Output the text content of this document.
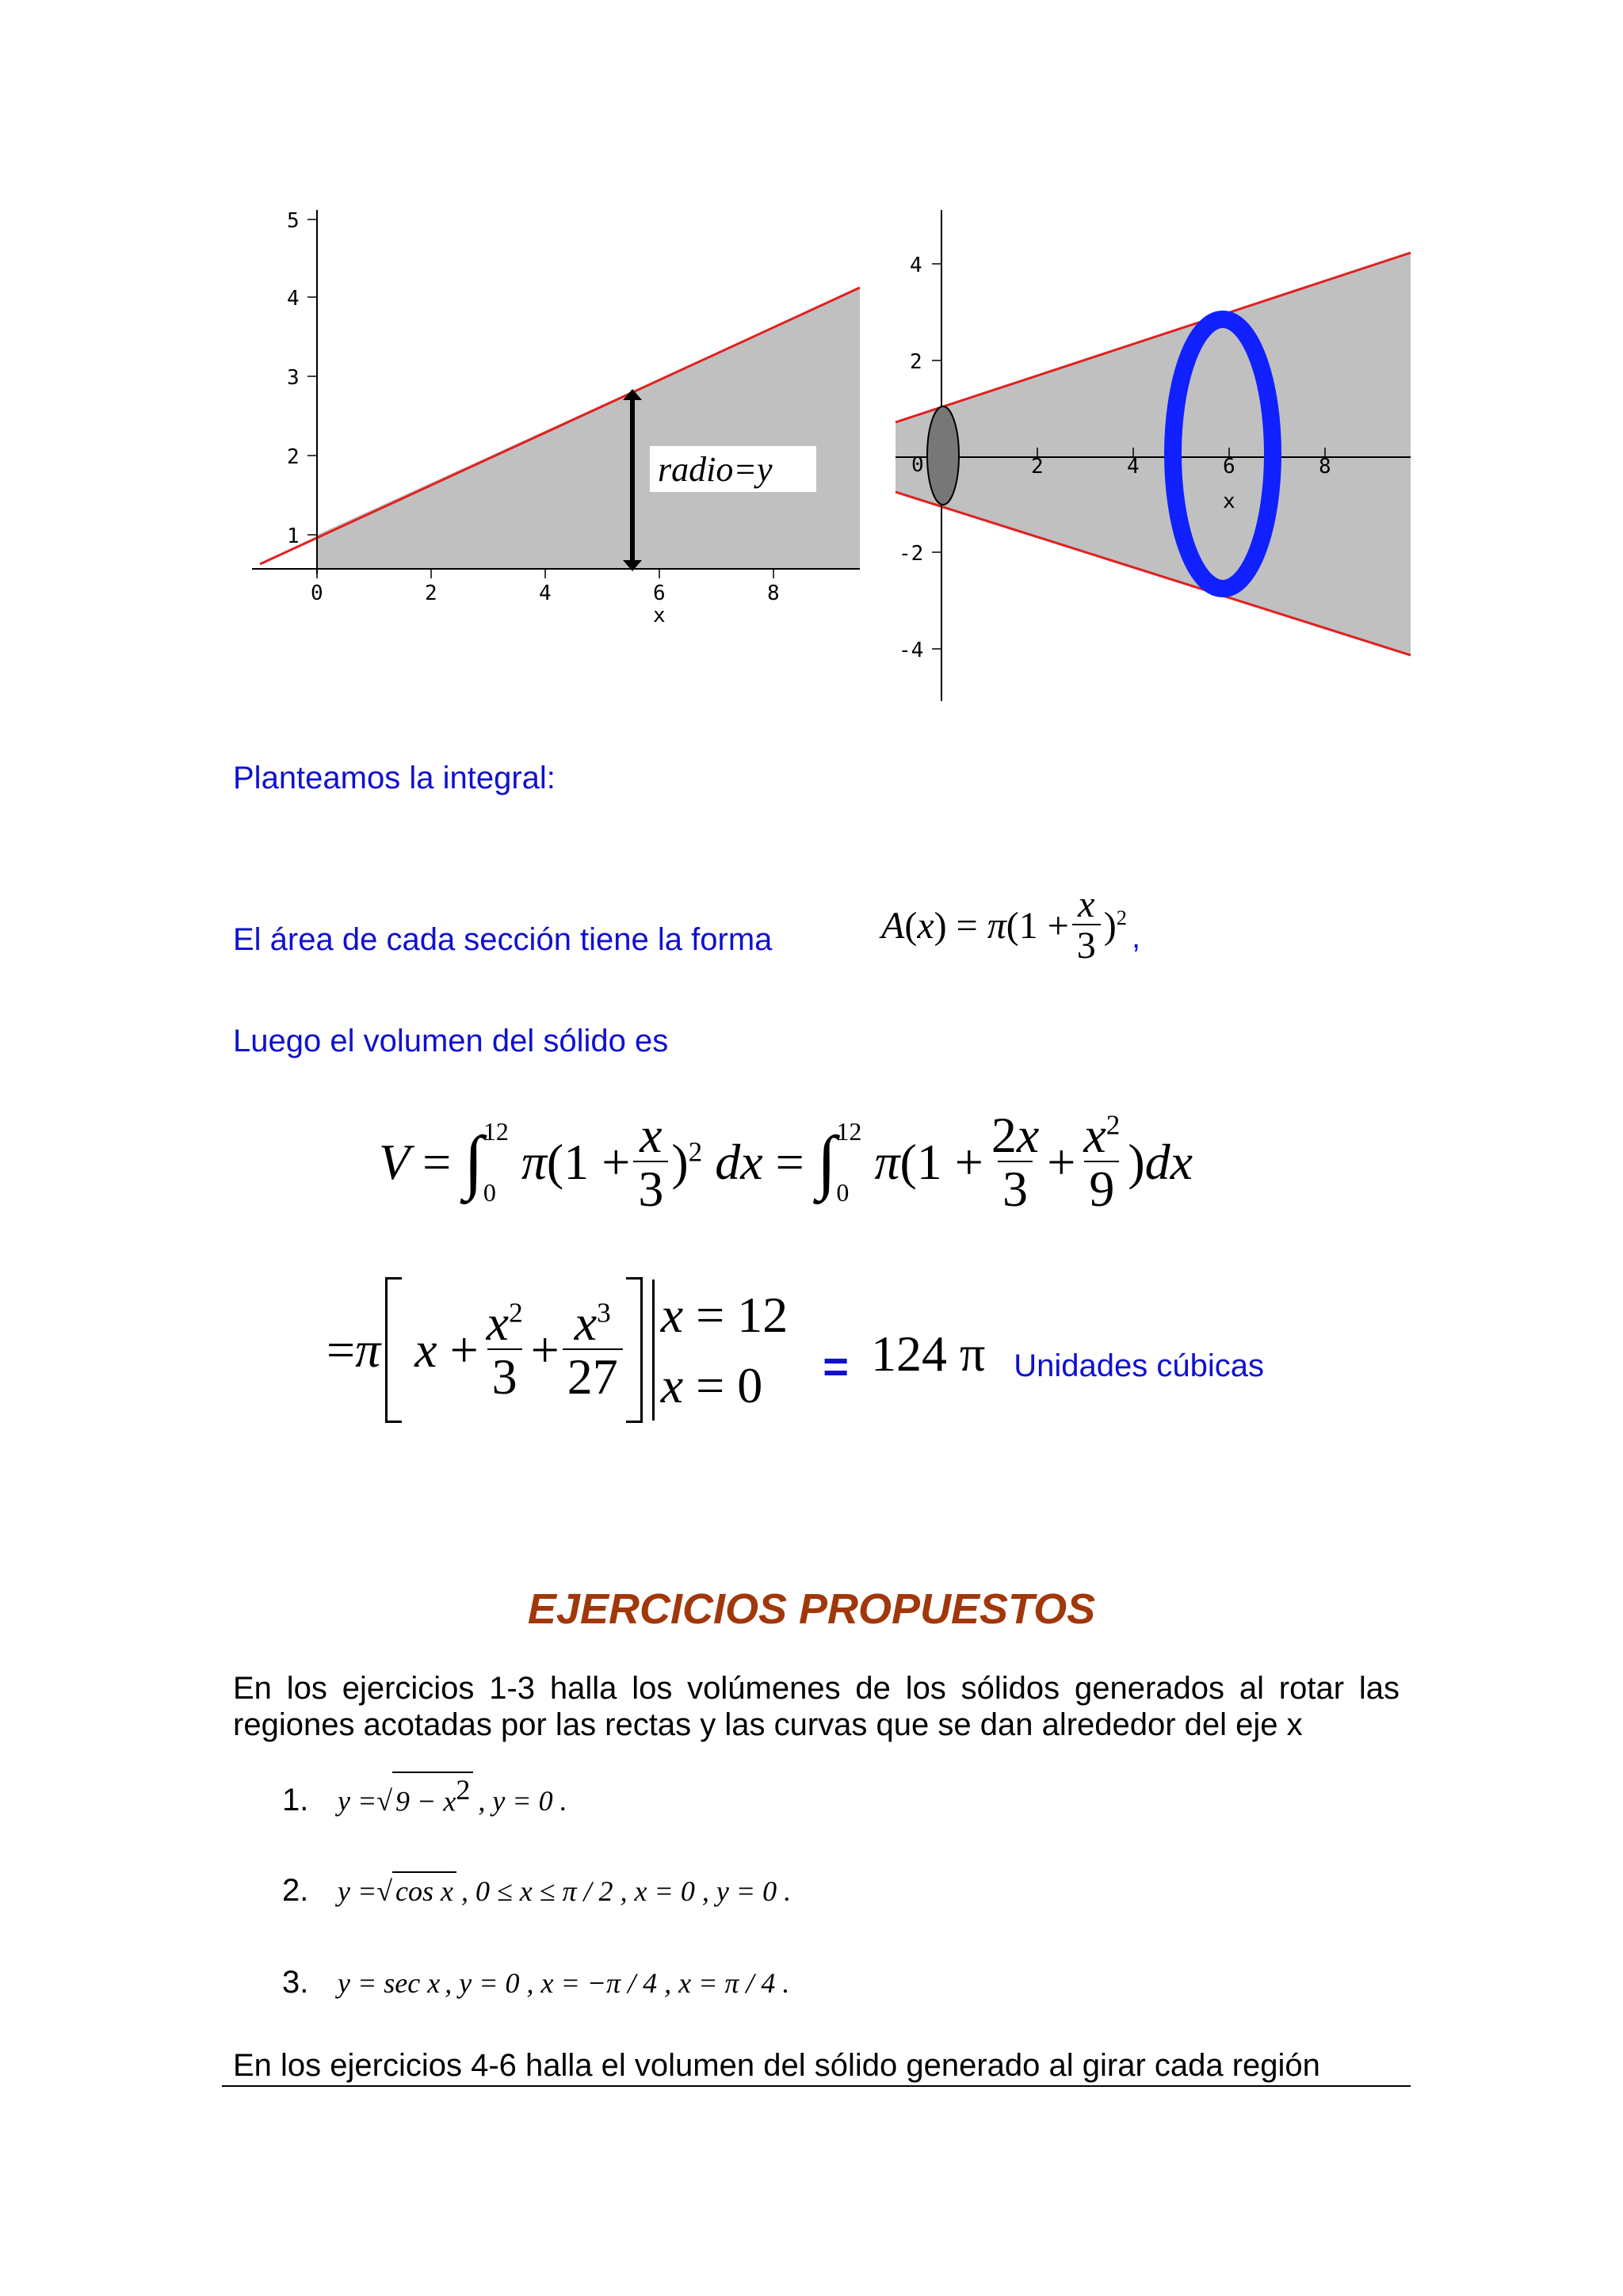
1
2
3
4
5
0	2	4	6	8
x
radio=y
4
2
-2
-4
0	2	4	6	8
x
Planteamos la integral:
El área de cada sección tiene la forma	A ( x ) = π $(1 + \frac{x}{3} )^2$
,
Luego el volumen del sólido es
V = ∫ 12
0
π $(1 + \frac{x}{3} )^2$ dx = ∫ 12
0
π ($1 + \frac{2x}{3} + \frac{x^2}{9}$ ) dx
= π $x + \frac{x^2}{3} + \frac{x^3}{27}$ x = 12
x = 0	= 124 π Unidades cúbicas
EJERCICIOS PROPUESTOS
En los ejercicios 1-3 halla los volúmenes de los sólidos generados al rotar las regiones acotadas por las rectas y las curvas que se dan alrededor del eje x
1.	y = √ $9 - x^2$ , y = 0 .
2.	y = √ cos x , 0 ≤ x ≤ π / 2 , x = 0 , y = 0 .
3.	y = sec x , y = 0 , x = −π / 4 , x = π / 4 .
En los ejercicios 4-6 halla el volumen del sólido generado al girar cada región
